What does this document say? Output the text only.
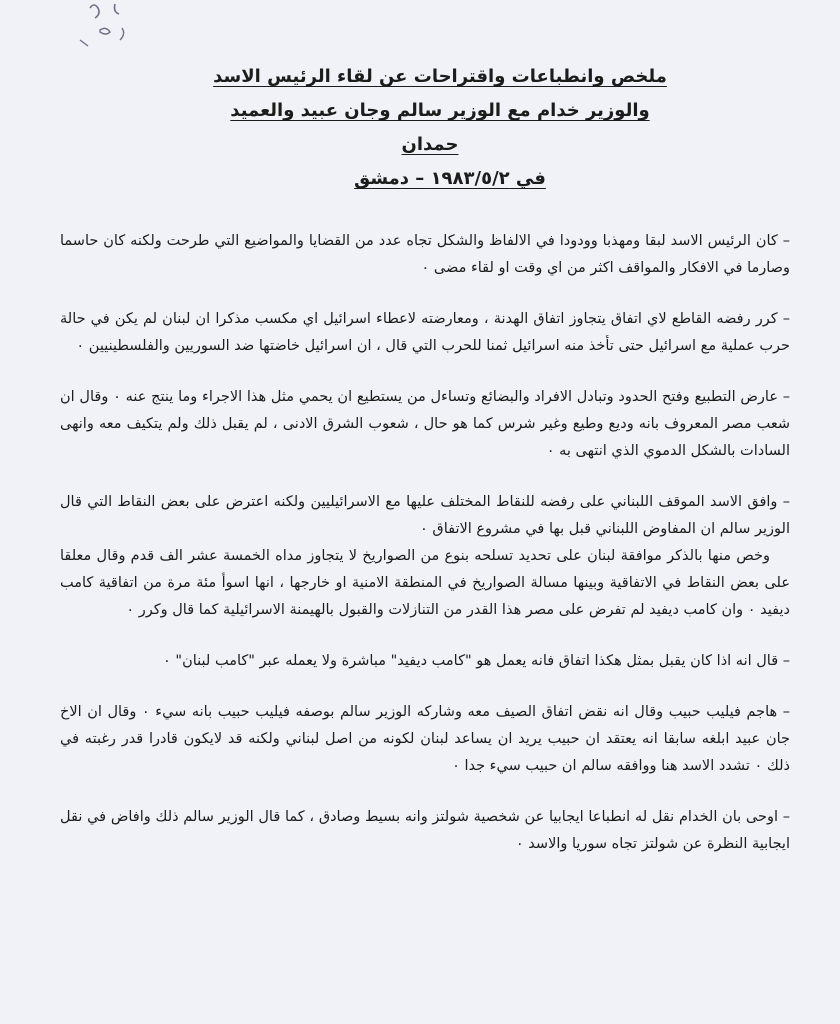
ملخص وانطباعات واقتراحات عن لقاء الرئيس الاسد
والوزير خدام مع الوزير سالم وجان عبيد والعميد
حمدان
في ١٩٨٣/٥/٢ – دمشق

– كان الرئيس الاسد لبقا ومهذبا وودودا في الالفاظ والشكل تجاه عدد من القضايا والمواضيع التي طرحت ولكنه كان حاسما وصارما في الافكار والمواقف اكثر من اي وقت او لقاء مضى ٠

– كرر رفضه القاطع لاي اتفاق يتجاوز اتفاق الهدنة ، ومعارضته لاعطاء اسرائيل اي مكسب مذكرا ان لبنان لم يكن في حالة حرب عملية مع اسرائيل حتى تأخذ منه اسرائيل ثمنا للحرب التي قال ، ان اسرائيل خاضتها ضد السوريين والفلسطينيين ٠

– عارض التطبيع وفتح الحدود وتبادل الافراد والبضائع وتساءل من يستطيع ان يحمي مثل هذا الاجراء وما ينتج عنه ٠ وقال ان شعب مصر المعروف بانه وديع وطيع وغير شرس كما هو حال ، شعوب الشرق الادنى ، لم يقبل ذلك ولم يتكيف معه وانهى السادات بالشكل الدموي الذي انتهى به ٠

– وافق الاسد الموقف اللبناني على رفضه للنقاط المختلف عليها مع الاسرائيليين ولكنه اعترض على بعض النقاط التي قال الوزير سالم ان المفاوض اللبناني قبل بها في مشروع الاتفاق ٠

وخص منها بالذكر موافقة لبنان على تحديد تسلحه بنوع من الصواريخ لا يتجاوز مداه الخمسة عشر الف قدم وقال معلقا على بعض النقاط في الاتفاقية وبينها مسالة الصواريخ في المنطقة الامنية او خارجها ، انها اسوأ مئة مرة من اتفاقية كامب ديفيد ٠ وان كامب ديفيد لم تفرض على مصر هذا القدر من التنازلات والقبول بالهيمنة الاسرائيلية كما قال وكرر ٠

– قال انه اذا كان يقبل بمثل هكذا اتفاق فانه يعمل هو "كامب ديفيد" مباشرة ولا يعمله عبر "كامب لبنان" ٠

– هاجم فيليب حبيب وقال انه نقض اتفاق الصيف معه وشاركه الوزير سالم بوصفه فيليب حبيب بانه سيء ٠ وقال ان الاخ جان عبيد ابلغه سابقا انه يعتقد ان حبيب يريد ان يساعد لبنان لكونه من اصل لبناني ولكنه قد لايكون قادرا قدر رغبته في ذلك ٠ تشدد الاسد هنا ووافقه سالم ان حبيب سيء جدا ٠

– اوحى بان الخدام نقل له انطباعا ايجابيا عن شخصية شولتز وانه بسيط وصادق ، كما قال الوزير سالم ذلك وافاض في نقل ايجابية النظرة عن شولتز تجاه سوريا والاسد ٠
